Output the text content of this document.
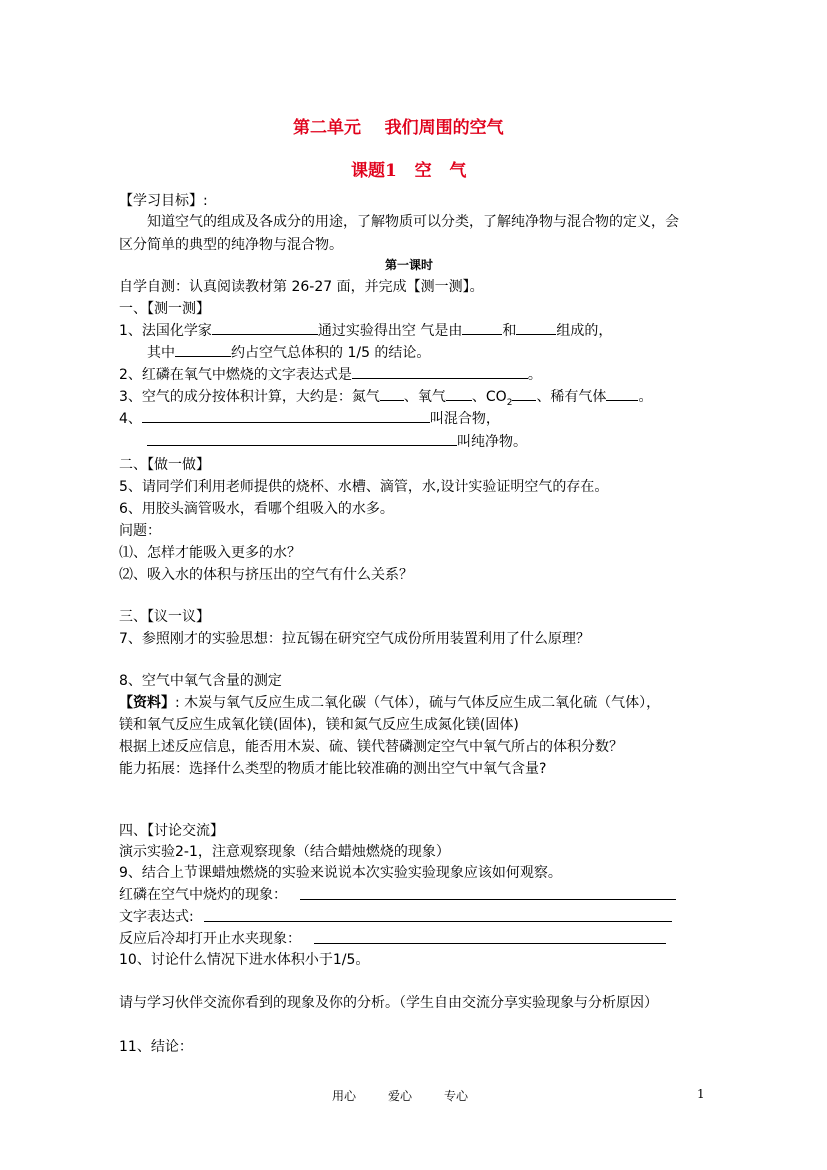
第二单元    我们周围的空气
课题1   空   气
【学习目标】:
知道空气的组成及各成分的用途，了解物质可以分类，了解纯净物与混合物的定义，会
区分简单的典型的纯净物与混合物。
第一课时
自学自测：认真阅读教材第 26-27 面，并完成【测一测】。
一、【测一测】
1、法国化学家	通过实验得出空 气是由	和	组成的，
其中	约占空气总体积的 1/5 的结论。
2、红磷在氧气中燃烧的文字表达式是	。
3、空气的成分按体积计算，大约是：氮气 、氧气 、$CO_2$ 、稀有气体 。
4、	叫混合物，
叫纯净物。
二、【做一做】
5、请同学们利用老师提供的烧杯、水槽、滴管，水,设计实验证明空气的存在。
6、用胶头滴管吸水，看哪个组吸入的水多。
问题：
⑴、怎样才能吸入更多的水？
⑵、吸入水的体积与挤压出的空气有什么关系？
三、【议一议】
7、参照刚才的实验思想：拉瓦锡在研究空气成份所用装置利用了什么原理？
8、空气中氧气含量的测定
【资料】: 木炭与氧气反应生成二氧化碳（气体），硫与气体反应生成二氧化硫（气体），
镁和氧气反应生成氧化镁(固体)，镁和氮气反应生成氮化镁(固体)
根据上述反应信息，能否用木炭、硫、镁代替磷测定空气中氧气所占的体积分数？
能力拓展：选择什么类型的物质才能比较准确的测出空气中氧气含量?
四、【讨论交流】
演示实验2-1，注意观察现象（结合蜡烛燃烧的现象）
9、结合上节课蜡烛燃烧的实验来说说本次实验实验现象应该如何观察。
红磷在空气中烧灼的现象：
文字表达式:
反应后冷却打开止水夹现象：
10、讨论什么情况下进水体积小于1/5。
请与学习伙伴交流你看到的现象及你的分析。（学生自由交流分享实验现象与分析原因）
11、结论：
用心	爱心	专心	1
